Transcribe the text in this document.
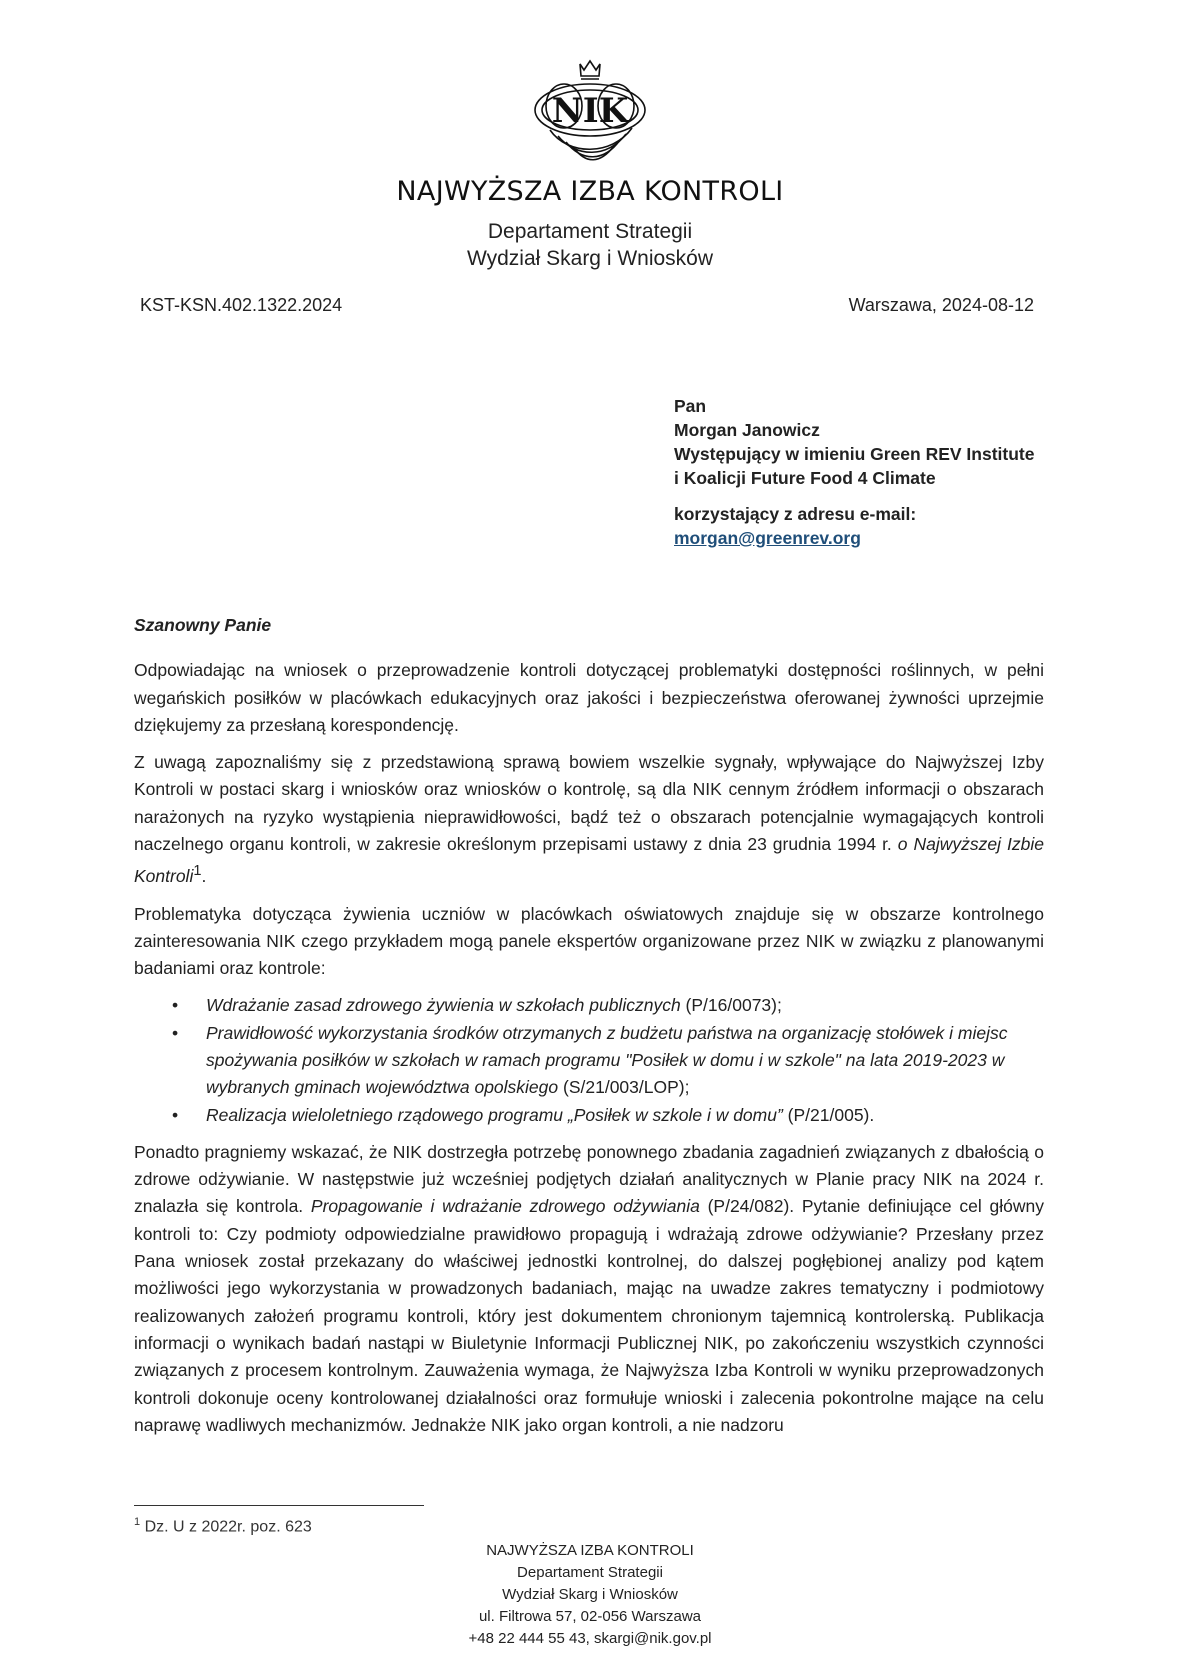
NIK
NAJWYŻSZA IZBA KONTROLI
Departament Strategii
Wydział Skarg i Wniosków
KST-KSN.402.1322.2024	Warszawa, 2024-08-12
Pan
Morgan Janowicz
Występujący w imieniu Green REV Institute
i Koalicji Future Food 4 Climate
korzystający z adresu e-mail:
morgan@greenrev.org

Szanowny Panie

Odpowiadając na wniosek o przeprowadzenie kontroli dotyczącej problematyki dostępności roślinnych, w pełni wegańskich posiłków w placówkach edukacyjnych oraz jakości i bezpieczeństwa oferowanej żywności uprzejmie dziękujemy za przesłaną korespondencję.

Z uwagą zapoznaliśmy się z przedstawioną sprawą bowiem wszelkie sygnały, wpływające do Najwyższej Izby Kontroli w postaci skarg i wniosków oraz wniosków o kontrolę, są dla NIK cennym źródłem informacji o obszarach narażonych na ryzyko wystąpienia nieprawidłowości, bądź też o obszarach potencjalnie wymagających kontroli naczelnego organu kontroli, w zakresie określonym przepisami ustawy z dnia 23 grudnia 1994 r. o Najwyższej Izbie Kontroli$^1$.

Problematyka dotycząca żywienia uczniów w placówkach oświatowych znajduje się w obszarze kontrolnego zainteresowania NIK czego przykładem mogą panele ekspertów organizowane przez NIK w związku z planowanymi badaniami oraz kontrole:

• Wdrażanie zasad zdrowego żywienia w szkołach publicznych (P/16/0073);
• Prawidłowość wykorzystania środków otrzymanych z budżetu państwa na organizację stołówek i miejsc spożywania posiłków w szkołach w ramach programu "Posiłek w domu i w szkole" na lata 2019-2023 w wybranych gminach województwa opolskiego (S/21/003/LOP);
• Realizacja wieloletniego rządowego programu „Posiłek w szkole i w domu” (P/21/005).

Ponadto pragniemy wskazać, że NIK dostrzegła potrzebę ponownego zbadania zagadnień związanych z dbałością o zdrowe odżywianie. W następstwie już wcześniej podjętych działań analitycznych w Planie pracy NIK na 2024 r. znalazła się kontrola. Propagowanie i wdrażanie zdrowego odżywiania (P/24/082). Pytanie definiujące cel główny kontroli to: Czy podmioty odpowiedzialne prawidłowo propagują i wdrażają zdrowe odżywianie? Przesłany przez Pana wniosek został przekazany do właściwej jednostki kontrolnej, do dalszej pogłębionej analizy pod kątem możliwości jego wykorzystania w prowadzonych badaniach, mając na uwadze zakres tematyczny i podmiotowy realizowanych założeń programu kontroli, który jest dokumentem chronionym tajemnicą kontrolerską. Publikacja informacji o wynikach badań nastąpi w Biuletynie Informacji Publicznej NIK, po zakończeniu wszystkich czynności związanych z procesem kontrolnym. Zauważenia wymaga, że Najwyższa Izba Kontroli w wyniku przeprowadzonych kontroli dokonuje oceny kontrolowanej działalności oraz formułuje wnioski i zalecenia pokontrolne mające na celu naprawę wadliwych mechanizmów. Jednakże NIK jako organ kontroli, a nie nadzoru

$^1$ Dz. U z 2022r. poz. 623
NAJWYŻSZA IZBA KONTROLI
Departament Strategii
Wydział Skarg i Wniosków
ul. Filtrowa 57, 02-056 Warszawa
+48 22 444 55 43, skargi@nik.gov.pl
